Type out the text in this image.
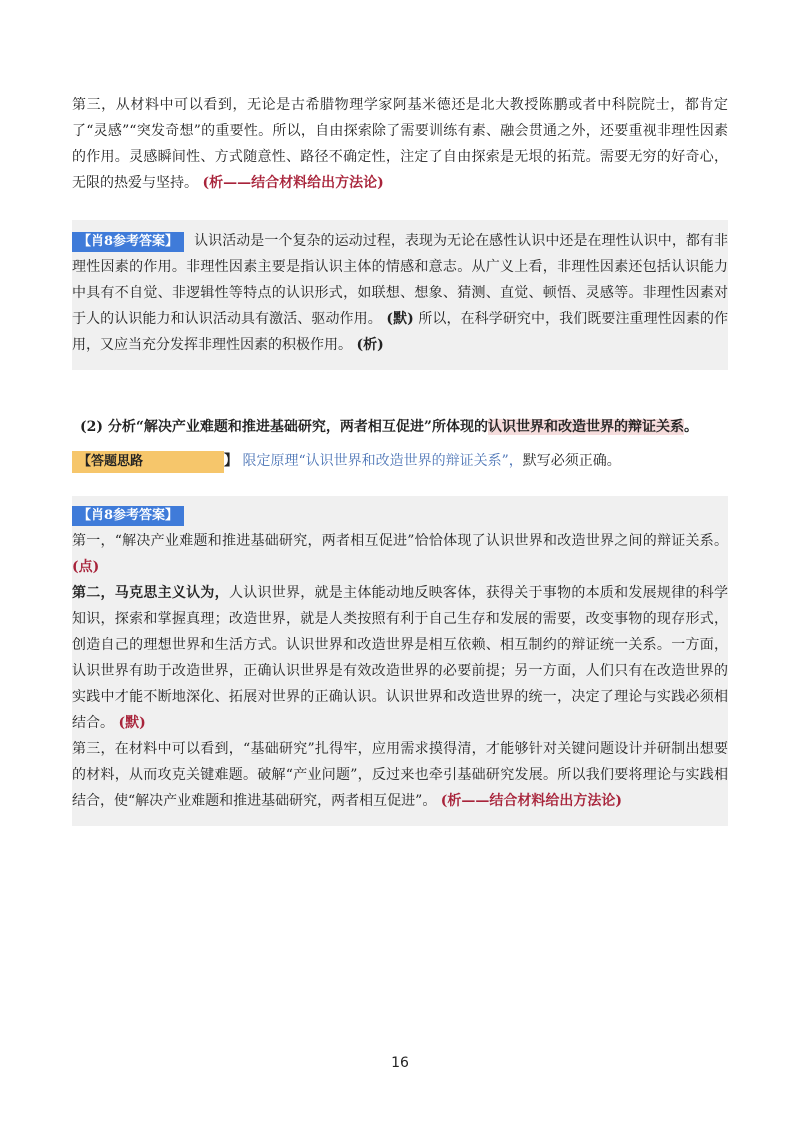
第三，从材料中可以看到，无论是古希腊物理学家阿基米德还是北大教授陈鹏或者中科院院士，都肯定了“灵感”“突发奇想”的重要性。所以，自由探索除了需要训练有素、融会贯通之外，还要重视非理性因素的作用。灵感瞬间性、方式随意性、路径不确定性，注定了自由探索是无垠的拓荒。需要无穷的好奇心，无限的热爱与坚持。 (析——结合材料给出方法论)

【肖8参考答案】 认识活动是一个复杂的运动过程，表现为无论在感性认识中还是在理性认识中，都有非理性因素的作用。非理性因素主要是指认识主体的情感和意志。从广义上看，非理性因素还包括认识能力中具有不自觉、非逻辑性等特点的认识形式，如联想、想象、猜测、直觉、顿悟、灵感等。非理性因素对于人的认识能力和认识活动具有激活、驱动作用。 (默) 所以，在科学研究中，我们既要注重理性因素的作用，又应当充分发挥非理性因素的积极作用。 (析)

(2) 分析“解决产业难题和推进基础研究，两者相互促进”所体现的认识世界和改造世界的辩证关系。

【答题思路	】 限定原理“认识世界和改造世界的辩证关系”，默写必须正确。

【肖8参考答案】

第一，“解决产业难题和推进基础研究，两者相互促进”恰恰体现了认识世界和改造世界之间的辩证关系。 (点)

第二，马克思主义认为，人认识世界，就是主体能动地反映客体，获得关于事物的本质和发展规律的科学知识，探索和掌握真理；改造世界，就是人类按照有利于自己生存和发展的需要，改变事物的现存形式，创造自己的理想世界和生活方式。认识世界和改造世界是相互依赖、相互制约的辩证统一关系。一方面，认识世界有助于改造世界，正确认识世界是有效改造世界的必要前提；另一方面，人们只有在改造世界的实践中才能不断地深化、拓展对世界的正确认识。认识世界和改造世界的统一，决定了理论与实践必须相结合。 (默)

第三，在材料中可以看到，“基础研究”扎得牢，应用需求摸得清，才能够针对关键问题设计并研制出想要的材料，从而攻克关键难题。破解“产业问题”，反过来也牵引基础研究发展。所以我们要将理论与实践相结合，使“解决产业难题和推进基础研究，两者相互促进”。 (析——结合材料给出方法论)

16
